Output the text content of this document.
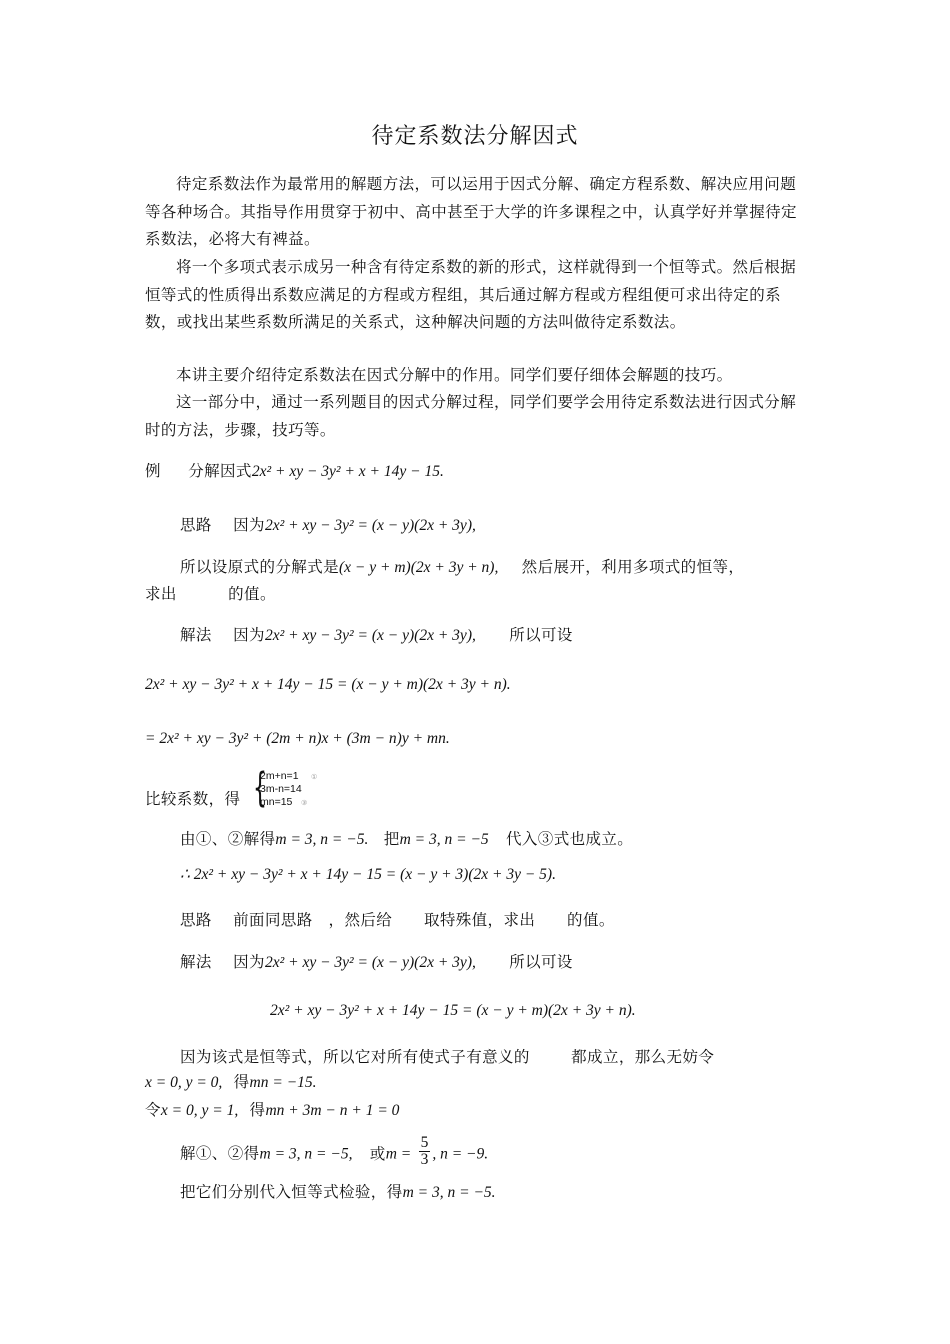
待定系数法分解因式
待定系数法作为最常用的解题方法，可以运用于因式分解、确定方程系数、解决应用问题等各种场合。其指导作用贯穿于初中、高中甚至于大学的许多课程之中，认真学好并掌握待定系数法，必将大有裨益。
将一个多项式表示成另一种含有待定系数的新的形式，这样就得到一个恒等式。然后根据恒等式的性质得出系数应满足的方程或方程组，其后通过解方程或方程组便可求出待定的系数，或找出某些系数所满足的关系式，这种解决问题的方法叫做待定系数法。
本讲主要介绍待定系数法在因式分解中的作用。同学们要仔细体会解题的技巧。
这一部分中，通过一系列题目的因式分解过程，同学们要学会用待定系数法进行因式分解时的方法，步骤，技巧等。
例 分解因式2x² + xy − 3y² + x + 14y − 15.
思路 因为2x² + xy − 3y² = (x − y)(2x + 3y),
所以设原式的分解式是(x − y + m)(2x + 3y + n), 然后展开，利用多项式的恒等，
求出	的值。
解法 因为2x² + xy − 3y² = (x − y)(2x + 3y), 所以可设
2x² + xy − 3y² + x + 14y − 15 = (x − y + m)(2x + 3y + n).
= 2x² + xy − 3y² + (2m + n)x + (3m − n)y + mn.
比较系数，得 {
2m+n=1
3m-n=14
mn=15
①
③
由①、②解得m = 3, n = −5. 把m = 3, n = −5 代入③式也成立。
∴ 2x² + xy − 3y² + x + 14y − 15 = (x − y + 3)(2x + 3y − 5).
思路 前面同思路　，然后给　　取特殊值，求出　　的值。
解法 因为2x² + xy − 3y² = (x − y)(2x + 3y), 所以可设
2x² + xy − 3y² + x + 14y − 15 = (x − y + m)(2x + 3y + n).
因为该式是恒等式，所以它对所有使式子有意义的	都成立，那么无妨令
x = 0, y = 0, 得mn = −15.
令x = 0, y = 1, 得mn + 3m − n + 1 = 0
解①、②得m = 3, n = −5, 或$m = \frac{5}{3}$ , n = −9.
把它们分别代入恒等式检验，得m = 3, n = −5.
